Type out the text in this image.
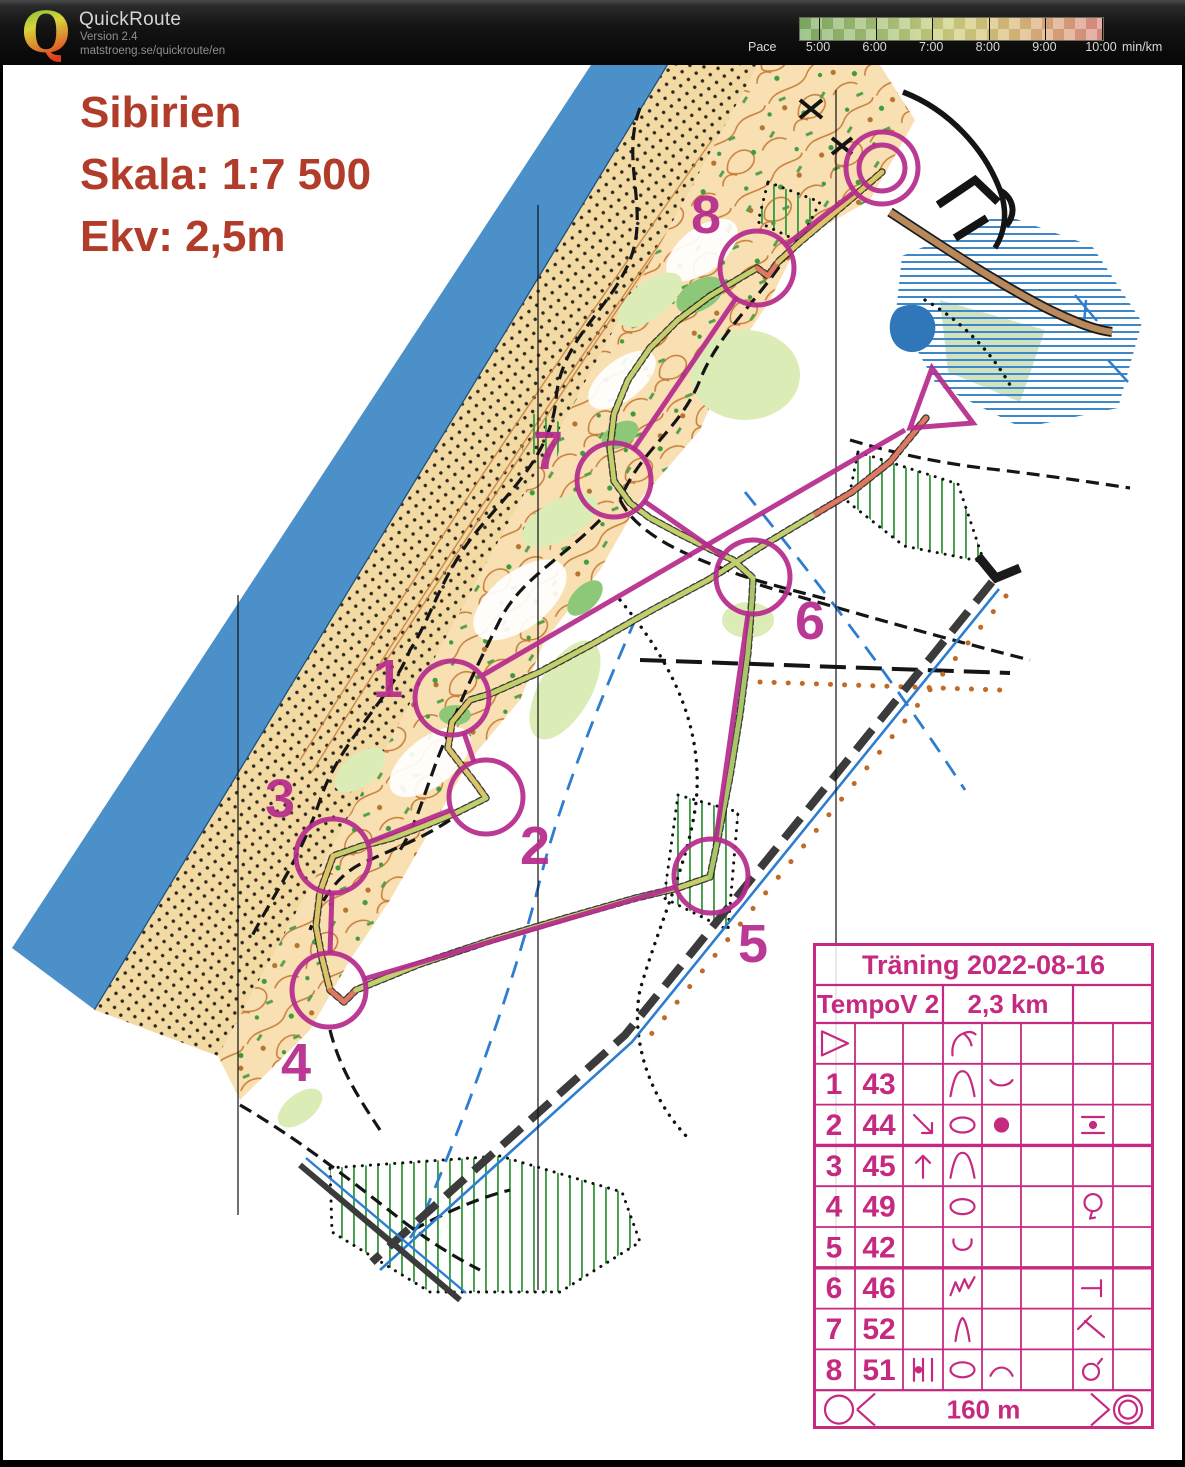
Q QuickRoute
Version 2.4
matstroeng.se/quickroute/en	Pace 5:00	6:00	7:00	8:00	9:00 10:00 min/km
1
2
3
4
5
6
7
8
Sibirien
Skala: 1:7 500
Ekv: 2,5m
Träning 2022-08-16
TempoV 2 2,3 km
1 43
2 44
3 45
4 49
5 42
6 46
7 52
8 51
160 m
